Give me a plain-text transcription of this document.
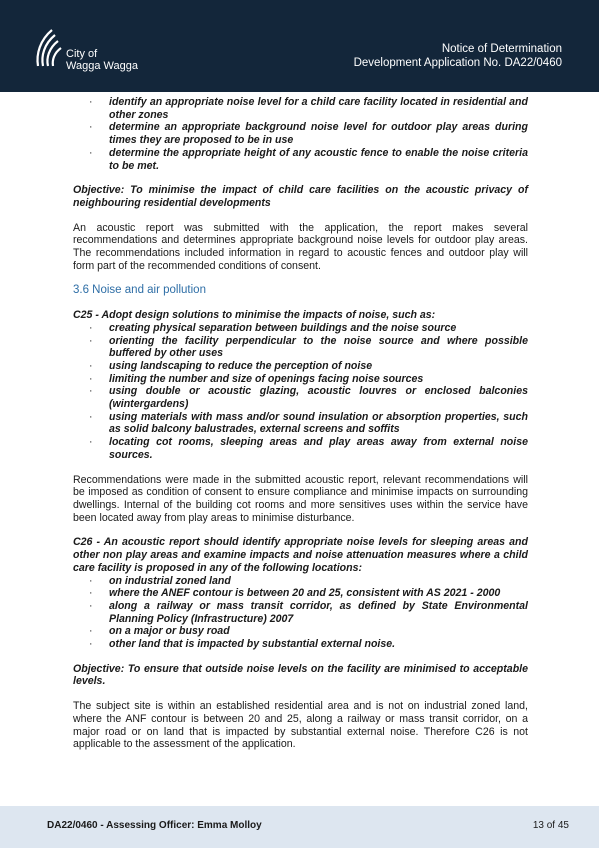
City of
Wagga Wagga
Notice of Determination
Development Application No. DA22/0460
· identify an appropriate noise level for a child care facility located in residential and other zones
· determine an appropriate background noise level for outdoor play areas during times they are proposed to be in use
· determine the appropriate height of any acoustic fence to enable the noise criteria to be met.

Objective: To minimise the impact of child care facilities on the acoustic privacy of neighbouring residential developments

An acoustic report was submitted with the application, the report makes several recommendations and determines appropriate background noise levels for outdoor play areas. The recommendations included information in regard to acoustic fences and outdoor play will form part of the recommended conditions of consent.

3.6 Noise and air pollution

C25 - Adopt design solutions to minimise the impacts of noise, such as:

· creating physical separation between buildings and the noise source
· orienting the facility perpendicular to the noise source and where possible buffered by other uses
· using landscaping to reduce the perception of noise
· limiting the number and size of openings facing noise sources
· using double or acoustic glazing, acoustic louvres or enclosed balconies (wintergardens)
· using materials with mass and/or sound insulation or absorption properties, such as solid balcony balustrades, external screens and soffits
· locating cot rooms, sleeping areas and play areas away from external noise sources.

Recommendations were made in the submitted acoustic report, relevant recommendations will be imposed as condition of consent to ensure compliance and minimise impacts on surrounding dwellings. Internal of the building cot rooms and more sensitives uses within the service have been located away from play areas to minimise disturbance.

C26 - An acoustic report should identify appropriate noise levels for sleeping areas and other non play areas and examine impacts and noise attenuation measures where a child care facility is proposed in any of the following locations:

· on industrial zoned land
· where the ANEF contour is between 20 and 25, consistent with AS 2021 - 2000
· along a railway or mass transit corridor, as defined by State Environmental Planning Policy (Infrastructure) 2007
· on a major or busy road
· other land that is impacted by substantial external noise.

Objective: To ensure that outside noise levels on the facility are minimised to acceptable levels.

The subject site is within an established residential area and is not on industrial zoned land, where the ANF contour is between 20 and 25, along a railway or mass transit corridor, on a major road or on land that is impacted by substantial external noise. Therefore C26 is not applicable to the assessment of the application.

DA22/0460 - Assessing Officer: Emma Molloy	13 of 45
